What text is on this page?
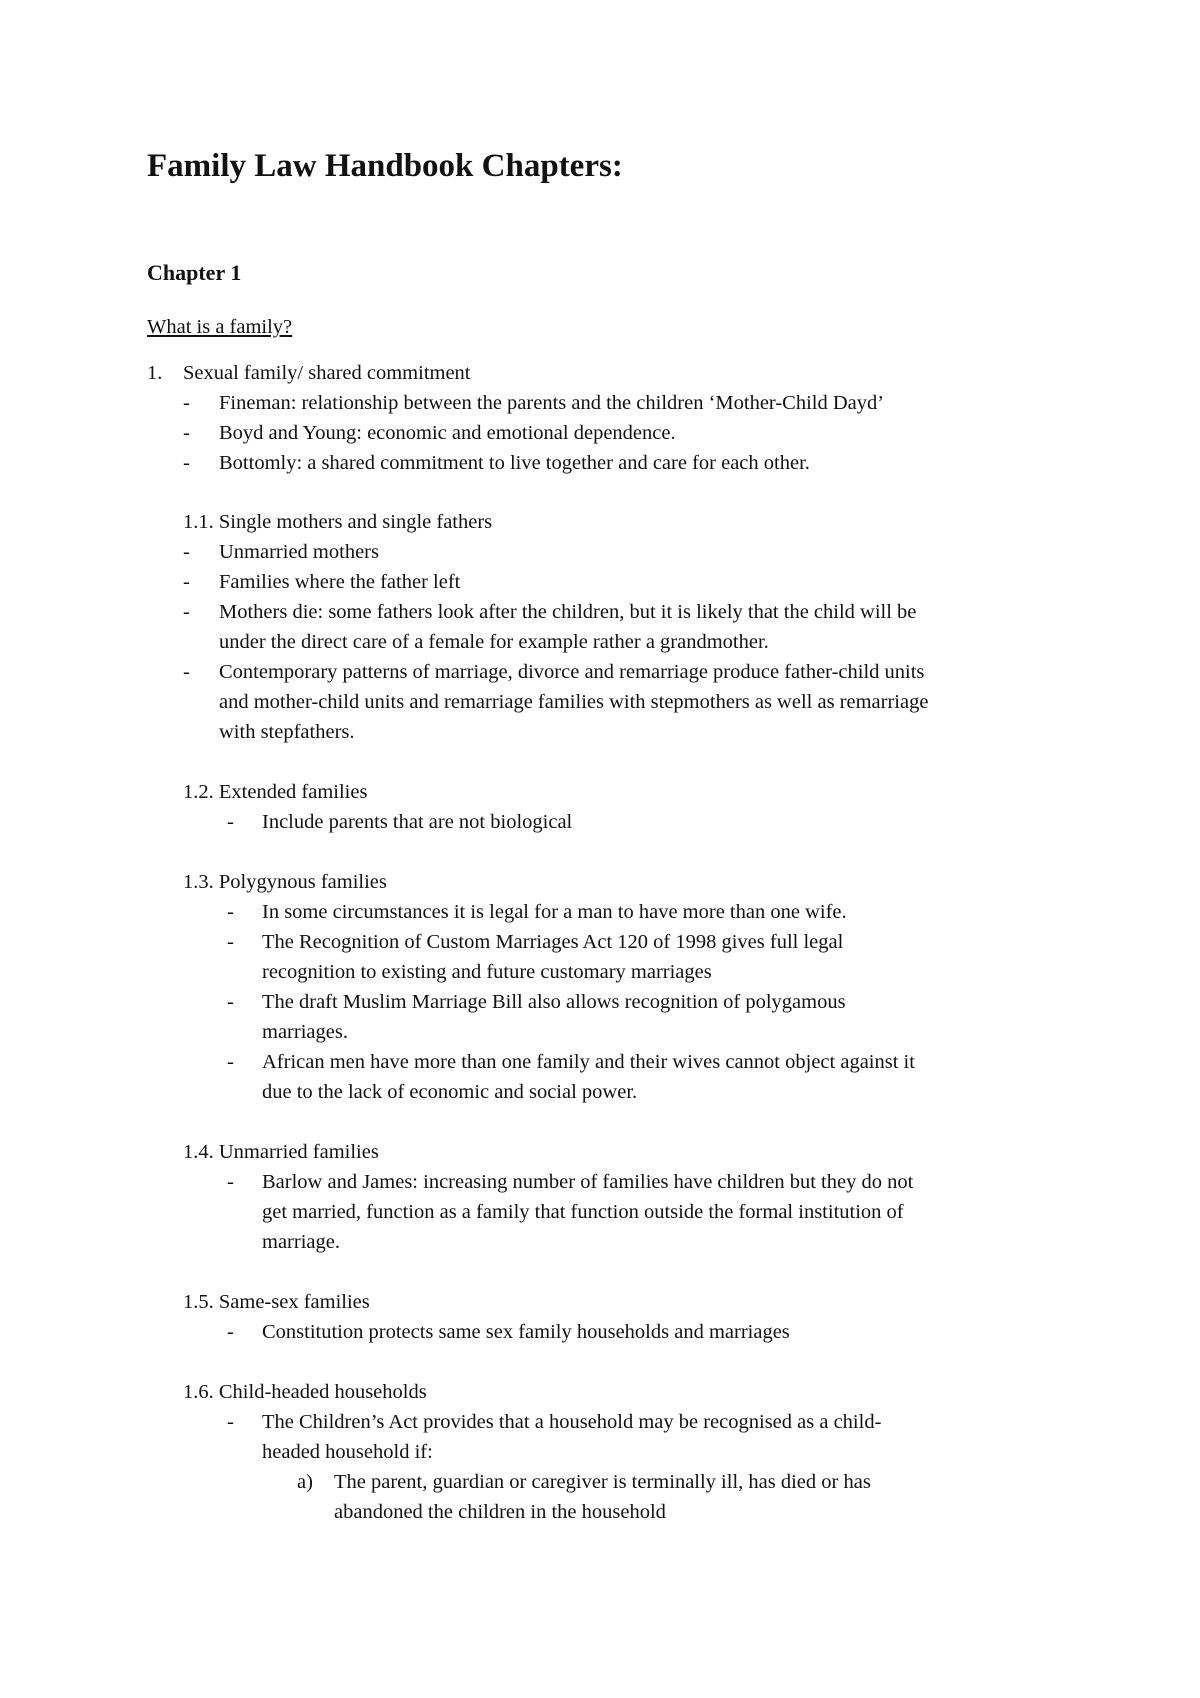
Family Law Handbook Chapters:
Chapter 1
What is a family?
1. Sexual family/ shared commitment
- Fineman: relationship between the parents and the children ‘Mother-Child Dayd’
- Boyd and Young: economic and emotional dependence.
- Bottomly: a shared commitment to live together and care for each other.
1.1. Single mothers and single fathers
- Unmarried mothers
- Families where the father left
- Mothers die: some fathers look after the children, but it is likely that the child will be
under the direct care of a female for example rather a grandmother.
- Contemporary patterns of marriage, divorce and remarriage produce father-child units
and mother-child units and remarriage families with stepmothers as well as remarriage
with stepfathers.
1.2. Extended families
- Include parents that are not biological
1.3. Polygynous families
- In some circumstances it is legal for a man to have more than one wife.
- The Recognition of Custom Marriages Act 120 of 1998 gives full legal
recognition to existing and future customary marriages
- The draft Muslim Marriage Bill also allows recognition of polygamous
marriages.
- African men have more than one family and their wives cannot object against it
due to the lack of economic and social power.
1.4. Unmarried families
- Barlow and James: increasing number of families have children but they do not
get married, function as a family that function outside the formal institution of
marriage.
1.5. Same-sex families
- Constitution protects same sex family households and marriages
1.6. Child-headed households
- The Children’s Act provides that a household may be recognised as a child-
headed household if:
a) The parent, guardian or caregiver is terminally ill, has died or has
abandoned the children in the household
